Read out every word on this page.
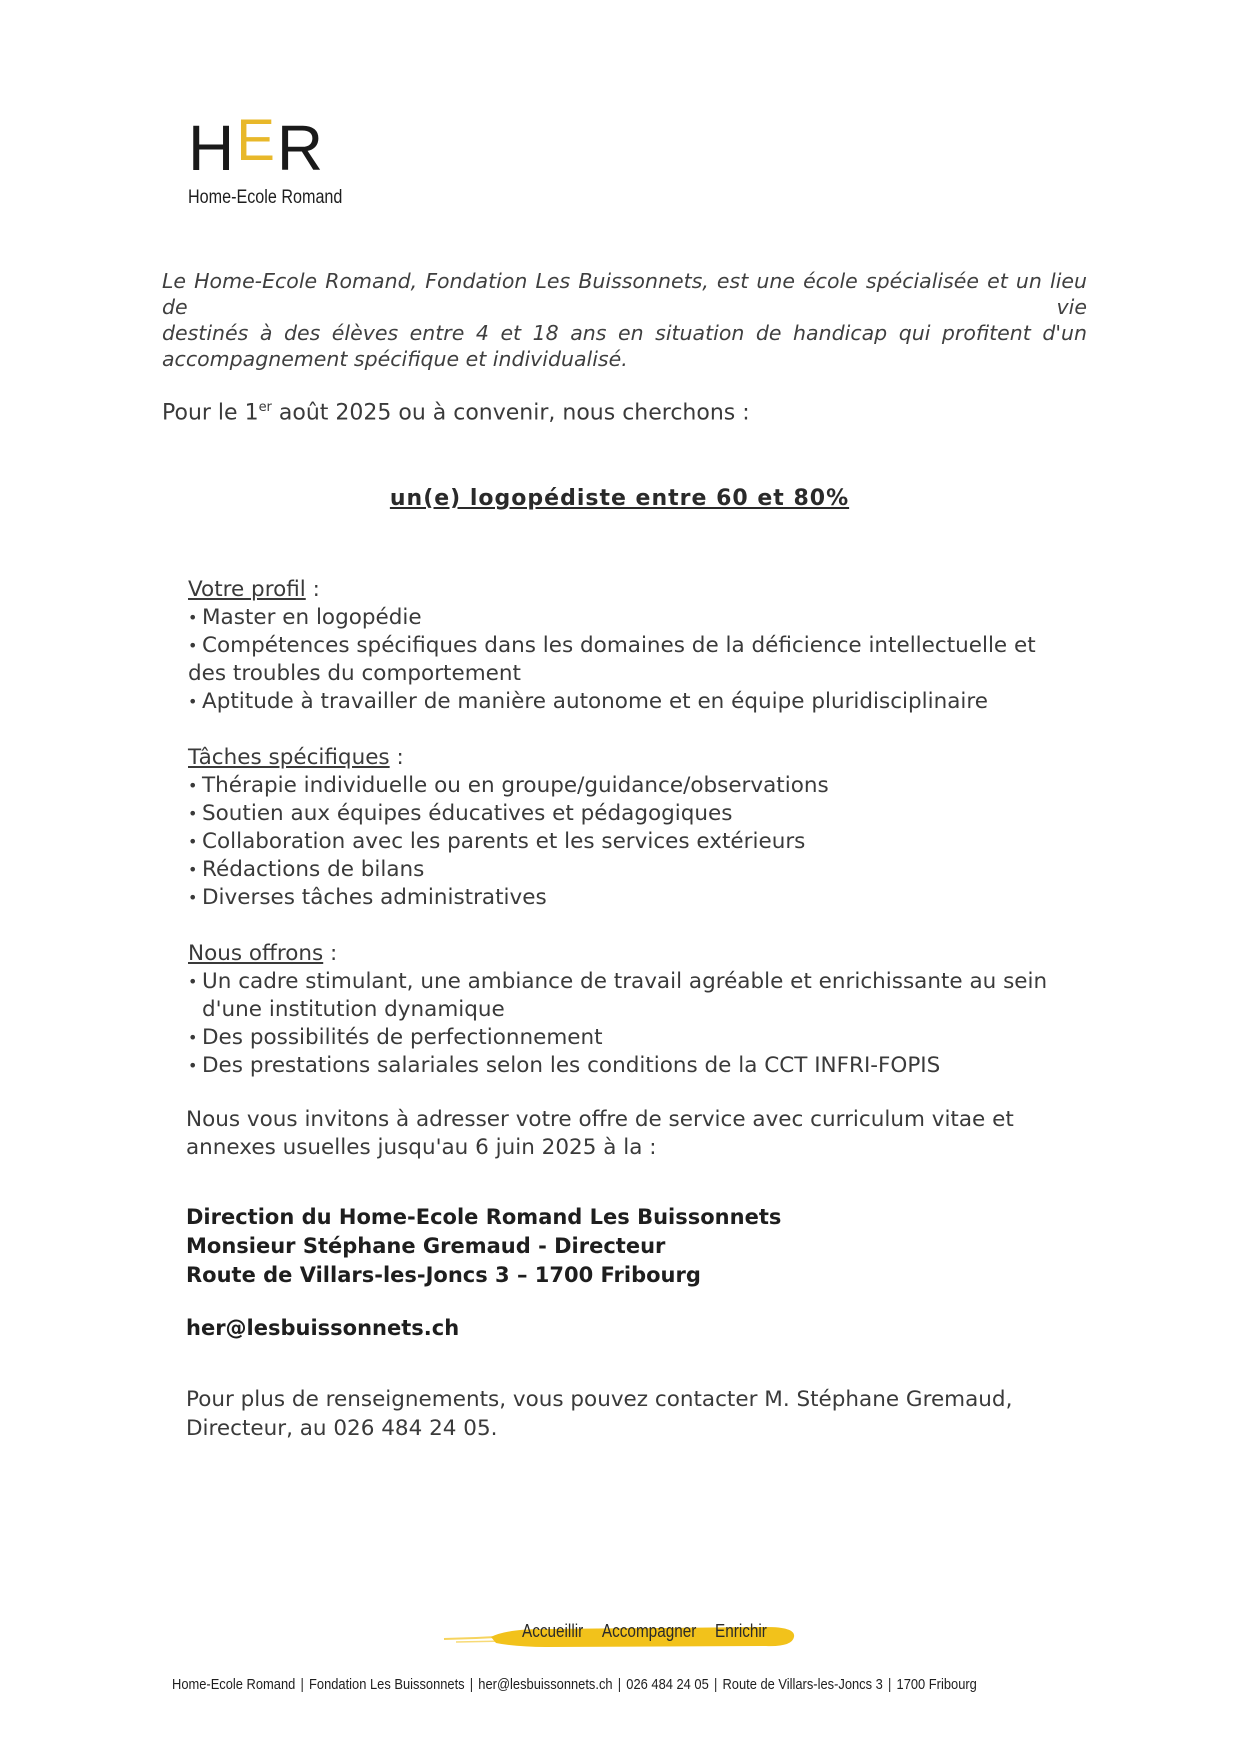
HER
Home-Ecole Romand
Le Home-Ecole Romand, Fondation Les Buissonnets, est une école spécialisée et un lieu de vie
destinés à des élèves entre 4 et 18 ans en situation de handicap qui profitent d'un
accompagnement spécifique et individualisé.
Pour le 1er août 2025 ou à convenir, nous cherchons :
un(e) logopédiste entre 60 et 80%
Votre profil :
• Master en logopédie
• Compétences spécifiques dans les domaines de la déficience intellectuelle et
des troubles du comportement
• Aptitude à travailler de manière autonome et en équipe pluridisciplinaire
Tâches spécifiques :
• Thérapie individuelle ou en groupe/guidance/observations
• Soutien aux équipes éducatives et pédagogiques
• Collaboration avec les parents et les services extérieurs
• Rédactions de bilans
• Diverses tâches administratives
Nous offrons :
• Un cadre stimulant, une ambiance de travail agréable et enrichissante au sein
d'une institution dynamique
• Des possibilités de perfectionnement
• Des prestations salariales selon les conditions de la CCT INFRI-FOPIS
Nous vous invitons à adresser votre offre de service avec curriculum vitae et
annexes usuelles jusqu'au 6 juin 2025 à la :
Direction du Home-Ecole Romand Les Buissonnets
Monsieur Stéphane Gremaud - Directeur
Route de Villars-les-Joncs 3 – 1700 Fribourg
her@lesbuissonnets.ch
Pour plus de renseignements, vous pouvez contacter M. Stéphane Gremaud,
Directeur, au 026 484 24 05.
Accueillir Accompagner Enrichir
Home-Ecole Romand | Fondation Les Buissonnets | her@lesbuissonnets.ch | 026 484 24 05 | Route de Villars-les-Joncs 3 | 1700 Fribourg
